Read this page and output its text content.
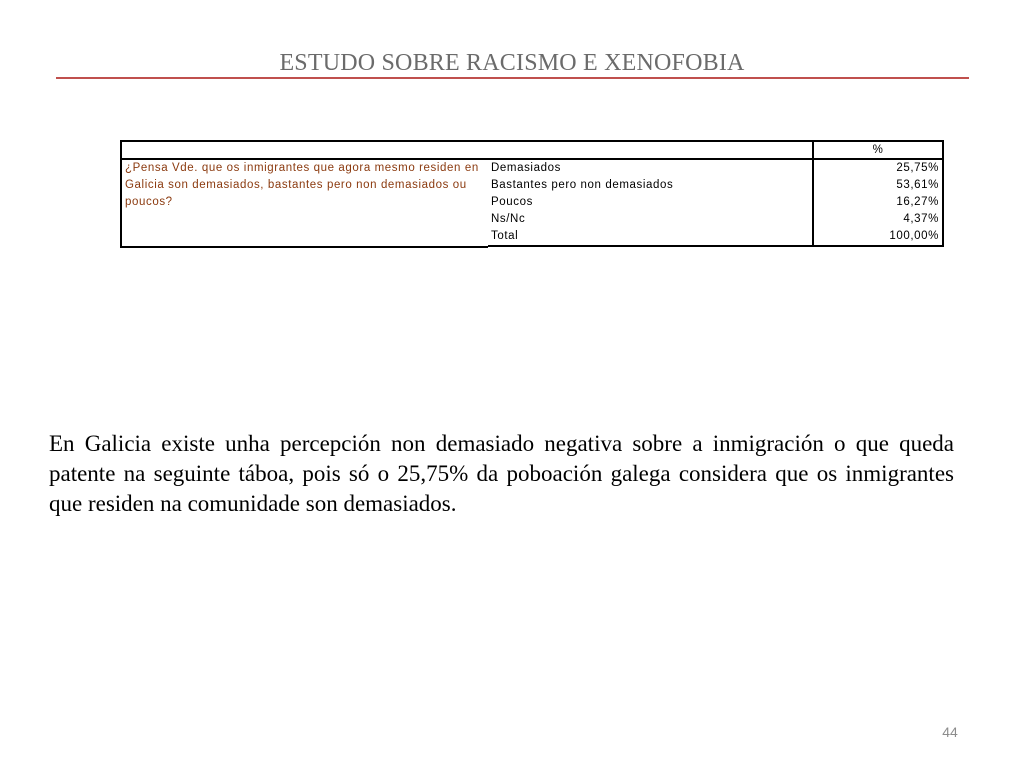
ESTUDO SOBRE RACISMO E XENOFOBIA
		%
¿Pensa Vde. que os inmigrantes que agora mesmo residen en Galicia son demasiados, bastantes pero non demasiados ou poucos?	Demasiados	25,75%
	Bastantes pero non demasiados	53,61%
	Poucos	16,27%
	Ns/Nc	4,37%
	Total	100,00%

En Galicia existe unha percepción non demasiado negativa sobre a inmigración o que queda patente na seguinte táboa, pois só o 25,75% da poboación galega considera que os inmigrantes que residen na comunidade son demasiados.
44
